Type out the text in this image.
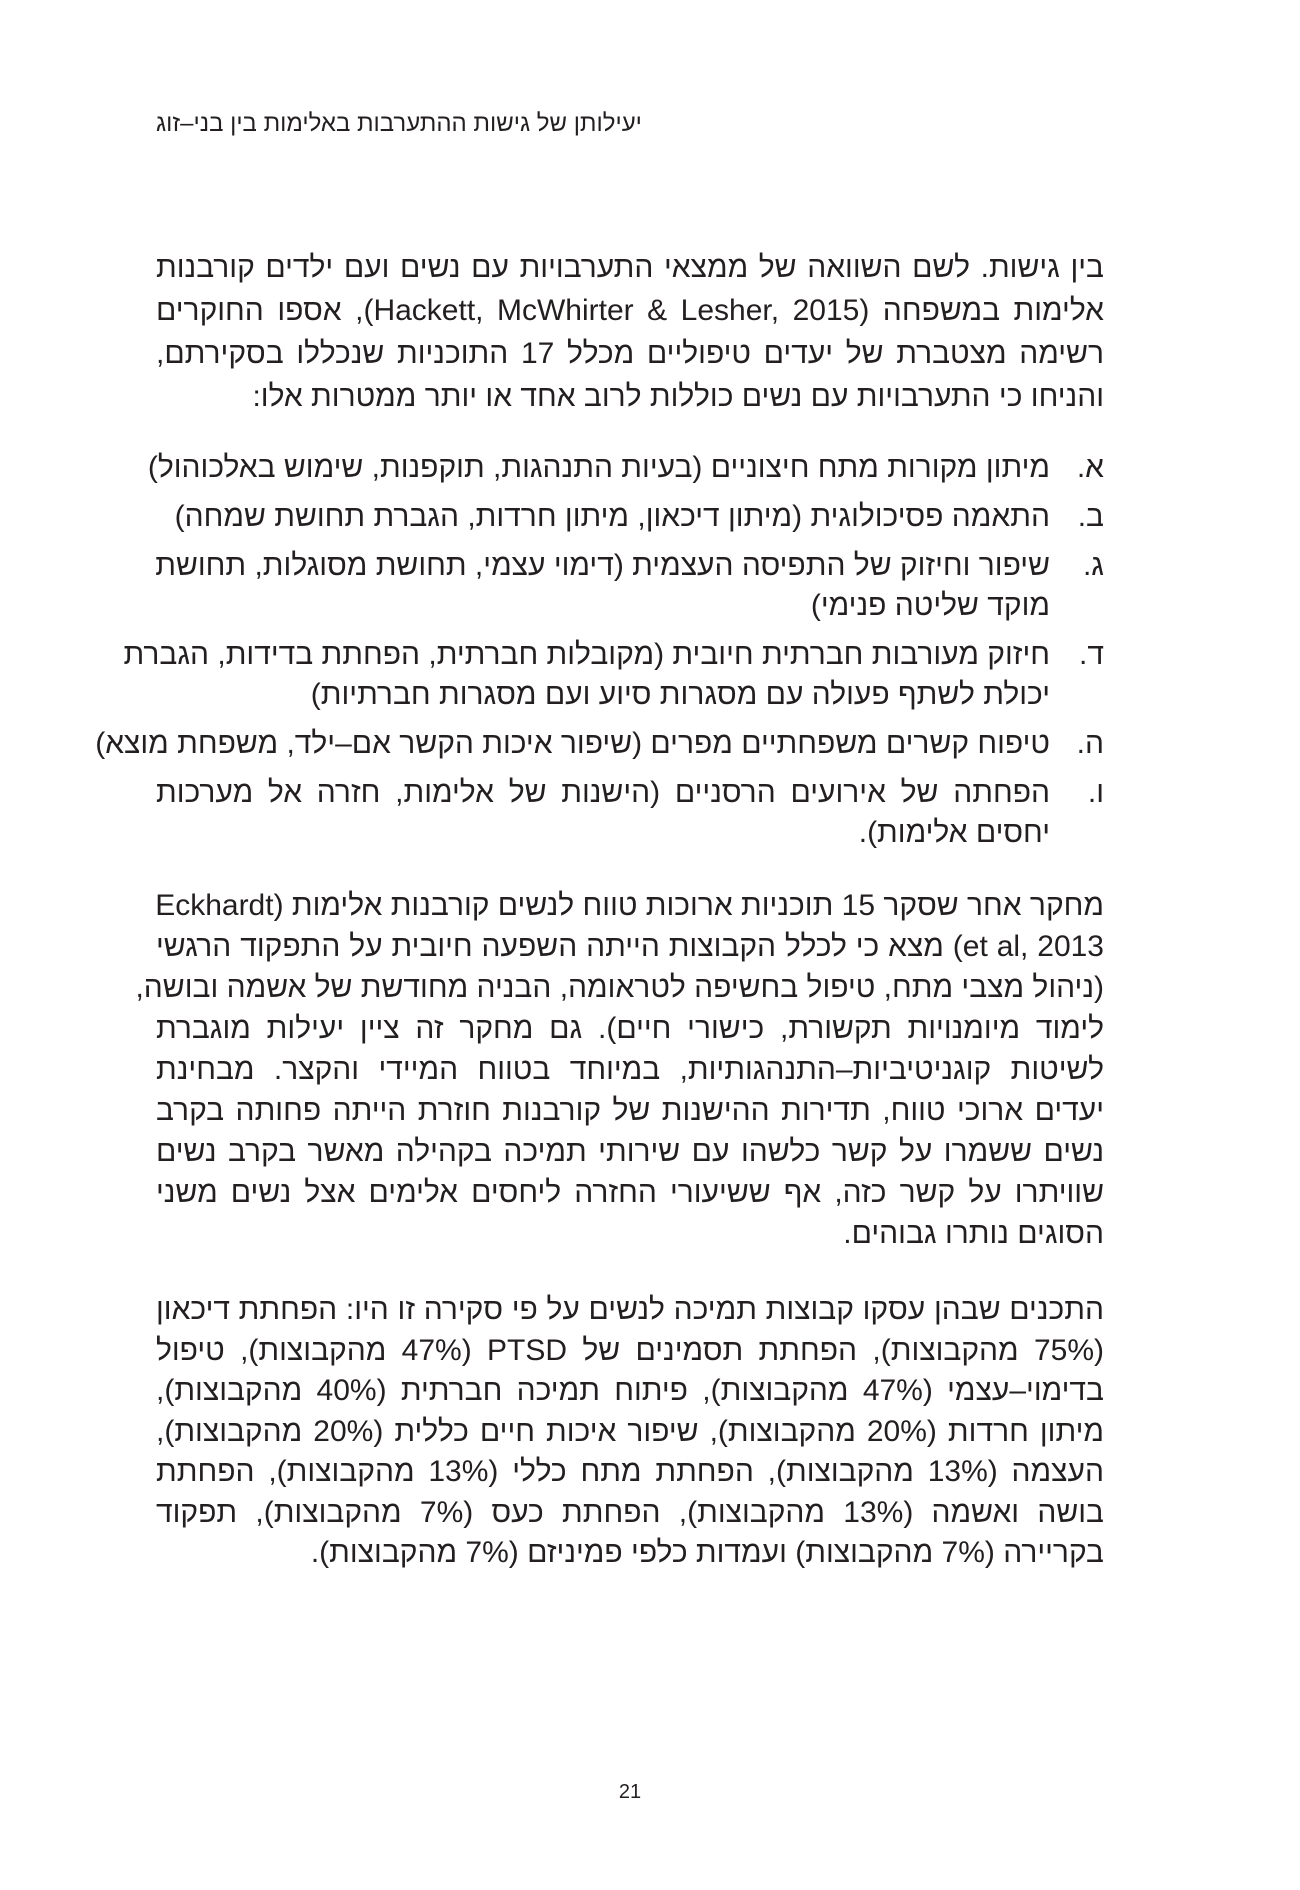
יעילותן של גישות ההתערבות באלימות בין בני–זוג
בין גישות. לשם השוואה של ממצאי התערבויות עם נשים ועם ילדים קורבנות
אלימות במשפחה (Hackett, McWhirter & Lesher, 2015), אספו החוקרים
רשימה מצטברת של יעדים טיפוליים מכלל 17 התוכניות שנכללו בסקירתם,
והניחו כי התערבויות עם נשים כוללות לרוב אחד או יותר ממטרות אלו:
א.
מיתון מקורות מתח חיצוניים (בעיות התנהגות, תוקפנות, שימוש באלכוהול)
ב.
התאמה פסיכולוגית (מיתון דיכאון, מיתון חרדות, הגברת תחושת שמחה)
ג.
שיפור וחיזוק של התפיסה העצמית (דימוי עצמי, תחושת מסוגלות, תחושת
מוקד שליטה פנימי)
ד.
חיזוק מעורבות חברתית חיובית (מקובלות חברתית, הפחתת בדידות, הגברת
יכולת לשתף פעולה עם מסגרות סיוע ועם מסגרות חברתיות)
ה.
טיפוח קשרים משפחתיים מפרים (שיפור איכות הקשר אם–ילד, משפחת מוצא)
ו.
הפחתה של אירועים הרסניים (הישנות של אלימות, חזרה אל מערכות
יחסים אלימות).
מחקר אחר שסקר 15 תוכניות ארוכות טווח לנשים קורבנות אלימות (Eckhardt
et al, 2013) מצא כי לכלל הקבוצות הייתה השפעה חיובית על התפקוד הרגשי
(ניהול מצבי מתח, טיפול בחשיפה לטראומה, הבניה מחודשת של אשמה ובושה,
לימוד מיומנויות תקשורת, כישורי חיים). גם מחקר זה ציין יעילות מוגברת
לשיטות קוגניטיביות–התנהגותיות, במיוחד בטווח המיידי והקצר. מבחינת
יעדים ארוכי טווח, תדירות ההישנות של קורבנות חוזרת הייתה פחותה בקרב
נשים ששמרו על קשר כלשהו עם שירותי תמיכה בקהילה מאשר בקרב נשים
שוויתרו על קשר כזה, אף ששיעורי החזרה ליחסים אלימים אצל נשים משני
הסוגים נותרו גבוהים.
התכנים שבהן עסקו קבוצות תמיכה לנשים על פי סקירה זו היו: הפחתת דיכאון
(75% מהקבוצות), הפחתת תסמינים של PTSD (47% מהקבוצות), טיפול
בדימוי–עצמי (47% מהקבוצות), פיתוח תמיכה חברתית (40% מהקבוצות),
מיתון חרדות (20% מהקבוצות), שיפור איכות חיים כללית (20% מהקבוצות),
העצמה (13% מהקבוצות), הפחתת מתח כללי (13% מהקבוצות), הפחתת
בושה ואשמה (13% מהקבוצות), הפחתת כעס (7% מהקבוצות), תפקוד
בקריירה (7% מהקבוצות) ועמדות כלפי פמיניזם (7% מהקבוצות).
21
